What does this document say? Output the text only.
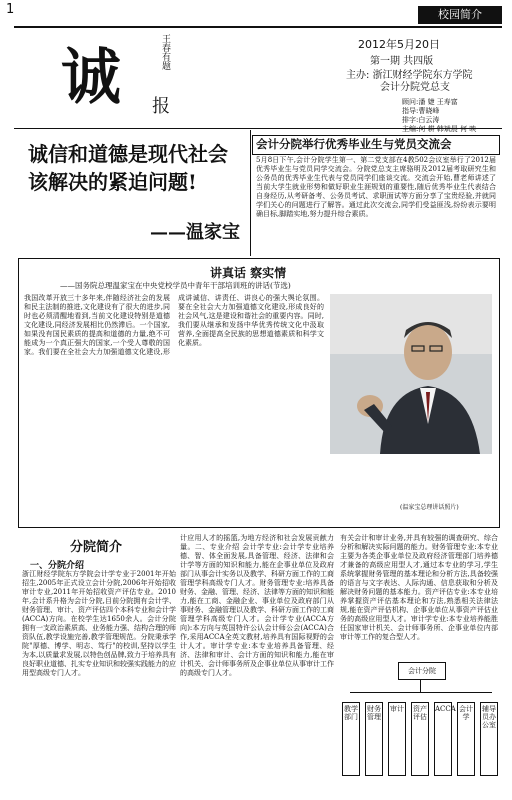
1	校园简介
诚	王春有题
报
2012年5月20日
第一期 共四版
主办: 浙江财经学院东方学院
会计分院党总支
顾问:潘 婕 王寿富
指导:曹晓峰
排字:白云涛
主编:何 耕 韩斌晨 何 映
诚信和道德是现代社会该解决的紧迫问题!
——温家宝
会计分院举行优秀毕业生与党员交流会
5月8日下午,会计分院学生第一、第二党支部在4教502会议室举行了2012届优秀毕业生与党员同学交流会。分院党总支主席骆明及2012届考取研究生和公务员的优秀毕业生代表与党员同学们座谈交流。交流会开始,曹老师讲述了当前大学生就业形势和做好职业生涯规划的重要性,随后优秀毕业生代表结合自身经历,从考研备考、公务员考试、求职面试等方面分享了宝贵经验,并就同学们关心的问题进行了解答。通过此次交流会,同学们受益匪浅,纷纷表示要明确目标,脚踏实地,努力提升综合素质。
讲真话 察实情
——国务院总理温家宝在中央党校学员中青年干部培训班的讲话(节选)
我国改革开放三十多年来,伴随经济社会的发展和民主法制的推进,文化建设有了很大的进步,同时也必须清醒地看到,当前文化建设特别是道德文化建设,同经济发展相比仍然滞后。一个国家,如果没有国民素质的提高和道德的力量,绝不可能成为一个真正强大的国家,一个受人尊敬的国家。我们要在全社会大力加强道德文化建设,形成讲诚信、讲责任、讲良心的强大舆论氛围。要在全社会大力加强道德文化建设,形成良好的社会风气,这是建设和谐社会的重要内容。同时,我们要从继承和发扬中华优秀传统文化中汲取营养,全面提高全民族的思想道德素质和科学文化素质。
(温家宝总理讲话照片)
分院简介
一、分院介绍
浙江财经学院东方学院会计学专业于2001年开始招生,2005年正式设立会计分院,2006年开始招收审计专业,2011年开始招收资产评估专业。2010年,会计系升格为会计分院,目前分院拥有会计学、财务管理、审计、资产评估四个本科专业和会计学(ACCA)方向。在校学生达1650余人。会计分院拥有一支政治素质高、业务能力强、结构合理的师资队伍,教学设施完善,教学管理规范。分院秉承学院"厚德、博学、明志、笃行"的校训,坚持以学生为本,以质量求发展,以特色创品牌,致力于培养具有良好职业道德、扎实专业知识和较强实践能力的应用型高级专门人才。
计应用人才的摇篮,为地方经济和社会发展贡献力量。二、专业介绍 会计学专业:会计学专业培养德、智、体全面发展,具备管理、经济、法律和会计学等方面的知识和能力,能在企事业单位及政府部门从事会计实务以及教学、科研方面工作的工商管理学科高级专门人才。财务管理专业:培养具备财务、金融、管理、经济、法律等方面的知识和能力,能在工商、金融企业、事业单位及政府部门从事财务、金融管理以及教学、科研方面工作的工商管理学科高级专门人才。会计学专业(ACCA方向):本方向与英国特许公认会计师公会(ACCA)合作,采用ACCA全英文教材,培养具有国际视野的会计人才。审计学专业:本专业培养具备管理、经济、法律和审计、会计方面的知识和能力,能在审计机关、会计师事务所及企事业单位从事审计工作的高级专门人才。
有关会计和审计业务,并具有较强的调查研究、综合分析和解决实际问题的能力。财务管理专业:本专业主要为各类企事业单位及政府经济管理部门培养德才兼备的高级应用型人才,通过本专业的学习,学生系统掌握财务管理的基本理论和分析方法,具备较强的语言与文字表达、人际沟通、信息获取和分析及解决财务问题的基本能力。资产评估专业:本专业培养掌握资产评估基本理论和方法,熟悉相关法律法规,能在资产评估机构、企事业单位从事资产评估业务的高级应用型人才。审计学专业:本专业培养能胜任国家审计机关、会计师事务所、企事业单位内部审计等工作的复合型人才。
会计分院
教学部门
财务管理
审计 资产评估
ACCA 会计学
辅导员办公室
